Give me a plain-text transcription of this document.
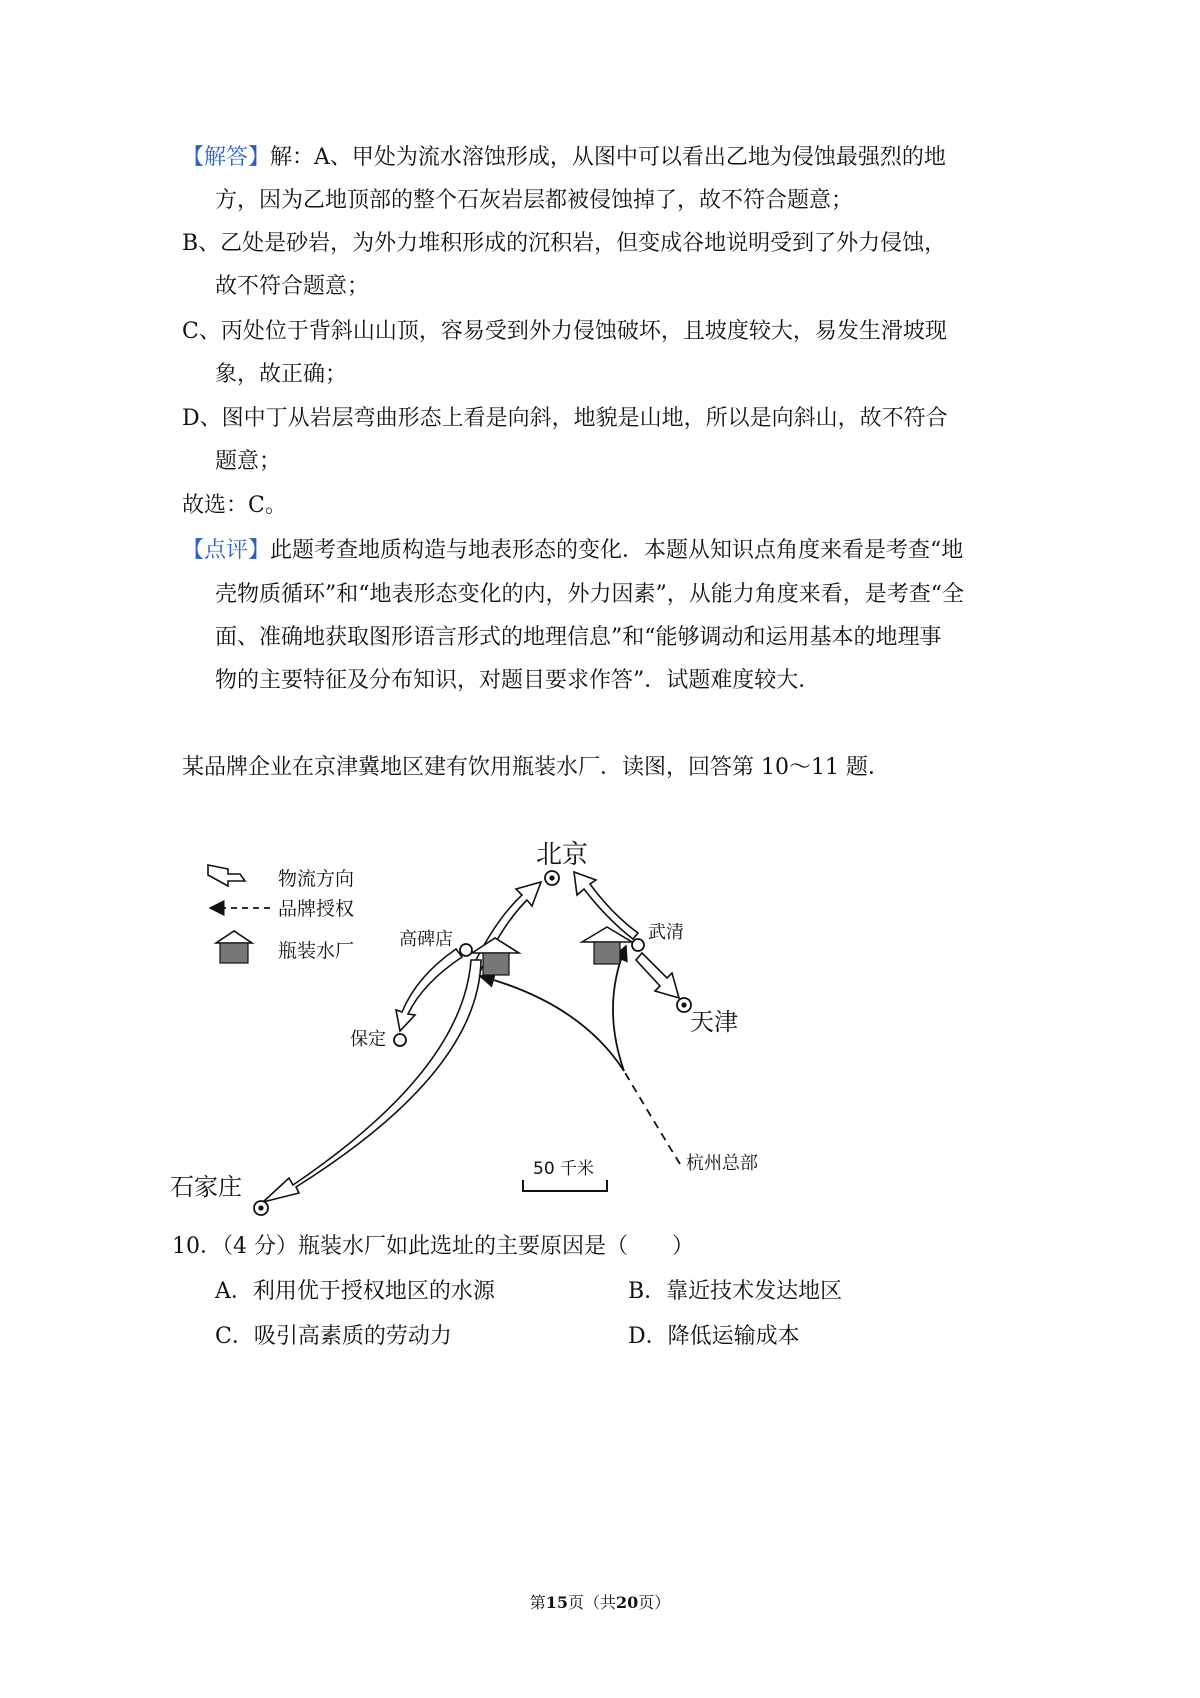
【解答】解：A、甲处为流水溶蚀形成，从图中可以看出乙地为侵蚀最强烈的地
方，因为乙地顶部的整个石灰岩层都被侵蚀掉了，故不符合题意；
B、乙处是砂岩，为外力堆积形成的沉积岩，但变成谷地说明受到了外力侵蚀，
故不符合题意；
C、丙处位于背斜山山顶，容易受到外力侵蚀破坏，且坡度较大，易发生滑坡现
象，故正确；
D、图中丁从岩层弯曲形态上看是向斜，地貌是山地，所以是向斜山，故不符合
题意；
故选：C。
【点评】此题考查地质构造与地表形态的变化．本题从知识点角度来看是考查“地
壳物质循环”和“地表形态变化的内，外力因素”，从能力角度来看，是考查“全
面、准确地获取图形语言形式的地理信息”和“能够调动和运用基本的地理事
物的主要特征及分布知识，对题目要求作答”．试题难度较大．
某品牌企业在京津冀地区建有饮用瓶装水厂．读图，回答第 10～11 题．
物流方向
品牌授权
瓶装水厂
北京
天津
高碑店	武清
保定
石家庄
杭州总部
50 千米
10．（4 分）瓶装水厂如此选址的主要原因是（　　）
A．利用优于授权地区的水源	B．靠近技术发达地区
C．吸引高素质的劳动力	D．降低运输成本
第15页（共20页）
